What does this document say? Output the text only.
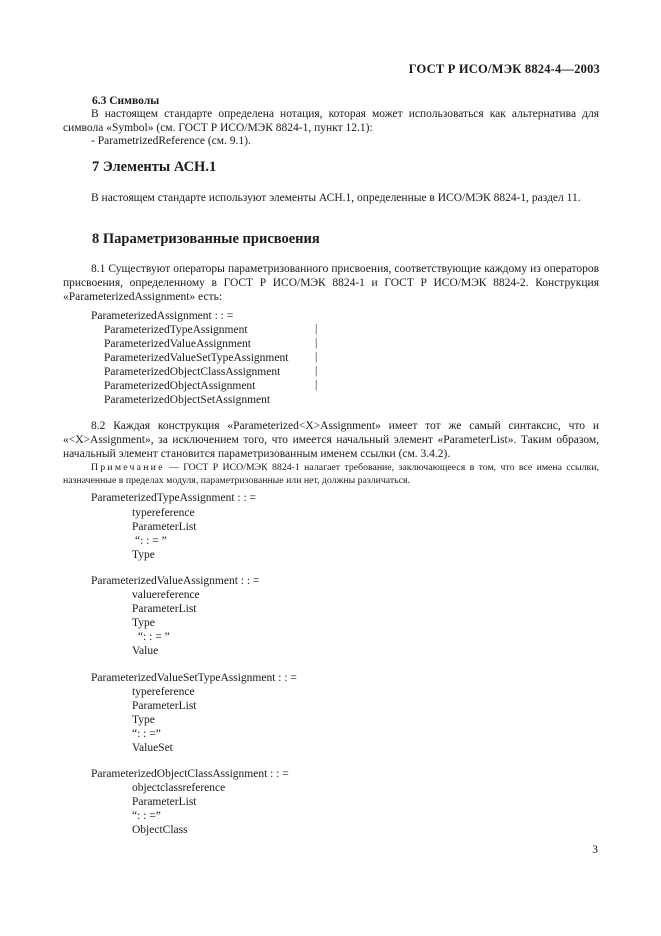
ГОСТ Р ИСО/МЭК 8824-4—2003
6.3 Символы
В настоящем стандарте определена нотация, которая может использоваться как альтернатива для символа «Symbol» (см. ГОСТ Р ИСО/МЭК 8824-1, пункт 12.1):
- ParametrizedReference (см. 9.1).
7 Элементы АСН.1
В настоящем стандарте используют элементы АСН.1, определенные в ИСО/МЭК 8824-1, раздел 11.
8 Параметризованные присвоения
8.1 Существуют операторы параметризованного присвоения, соответствующие каждому из операторов присвоения, определенному в ГОСТ Р ИСО/МЭК 8824-1 и ГОСТ Р ИСО/МЭК 8824-2. Конструкция «ParameterizedAssignment» есть:
ParameterizedAssignment : : =
ParameterizedTypeAssignment
ParameterizedValueAssignment
ParameterizedValueSetTypeAssignment
ParameterizedObjectClassAssignment
ParameterizedObjectAssignment
ParameterizedObjectSetAssignment
|
|
|
|
|
8.2 Каждая конструкция «Parameterized<X>Assignment» имеет тот же самый синтаксис, что и «<X>Assignment», за исключением того, что имеется начальный элемент «ParameterList». Таким образом, начальный элемент становится параметризованным именем ссылки (см. 3.4.2).
Примечание — ГОСТ Р ИСО/МЭК 8824-1 налагает требование, заключающееся в том, что все имена ссылки, назначенные в пределах модуля, параметризованные или нет, должны различаться.
ParameterizedTypeAssignment : : =
typereference
ParameterList
“: : = ”
Type
ParameterizedValueAssignment : : =
valuereference
ParameterList
Type
“: : = ”
Value
ParameterizedValueSetTypeAssignment : : =
typereference
ParameterList
Type
“: : =”
ValueSet
ParameterizedObjectClassAssignment : : =
objectclassreference
ParameterList
“: : =”
ObjectClass
3
